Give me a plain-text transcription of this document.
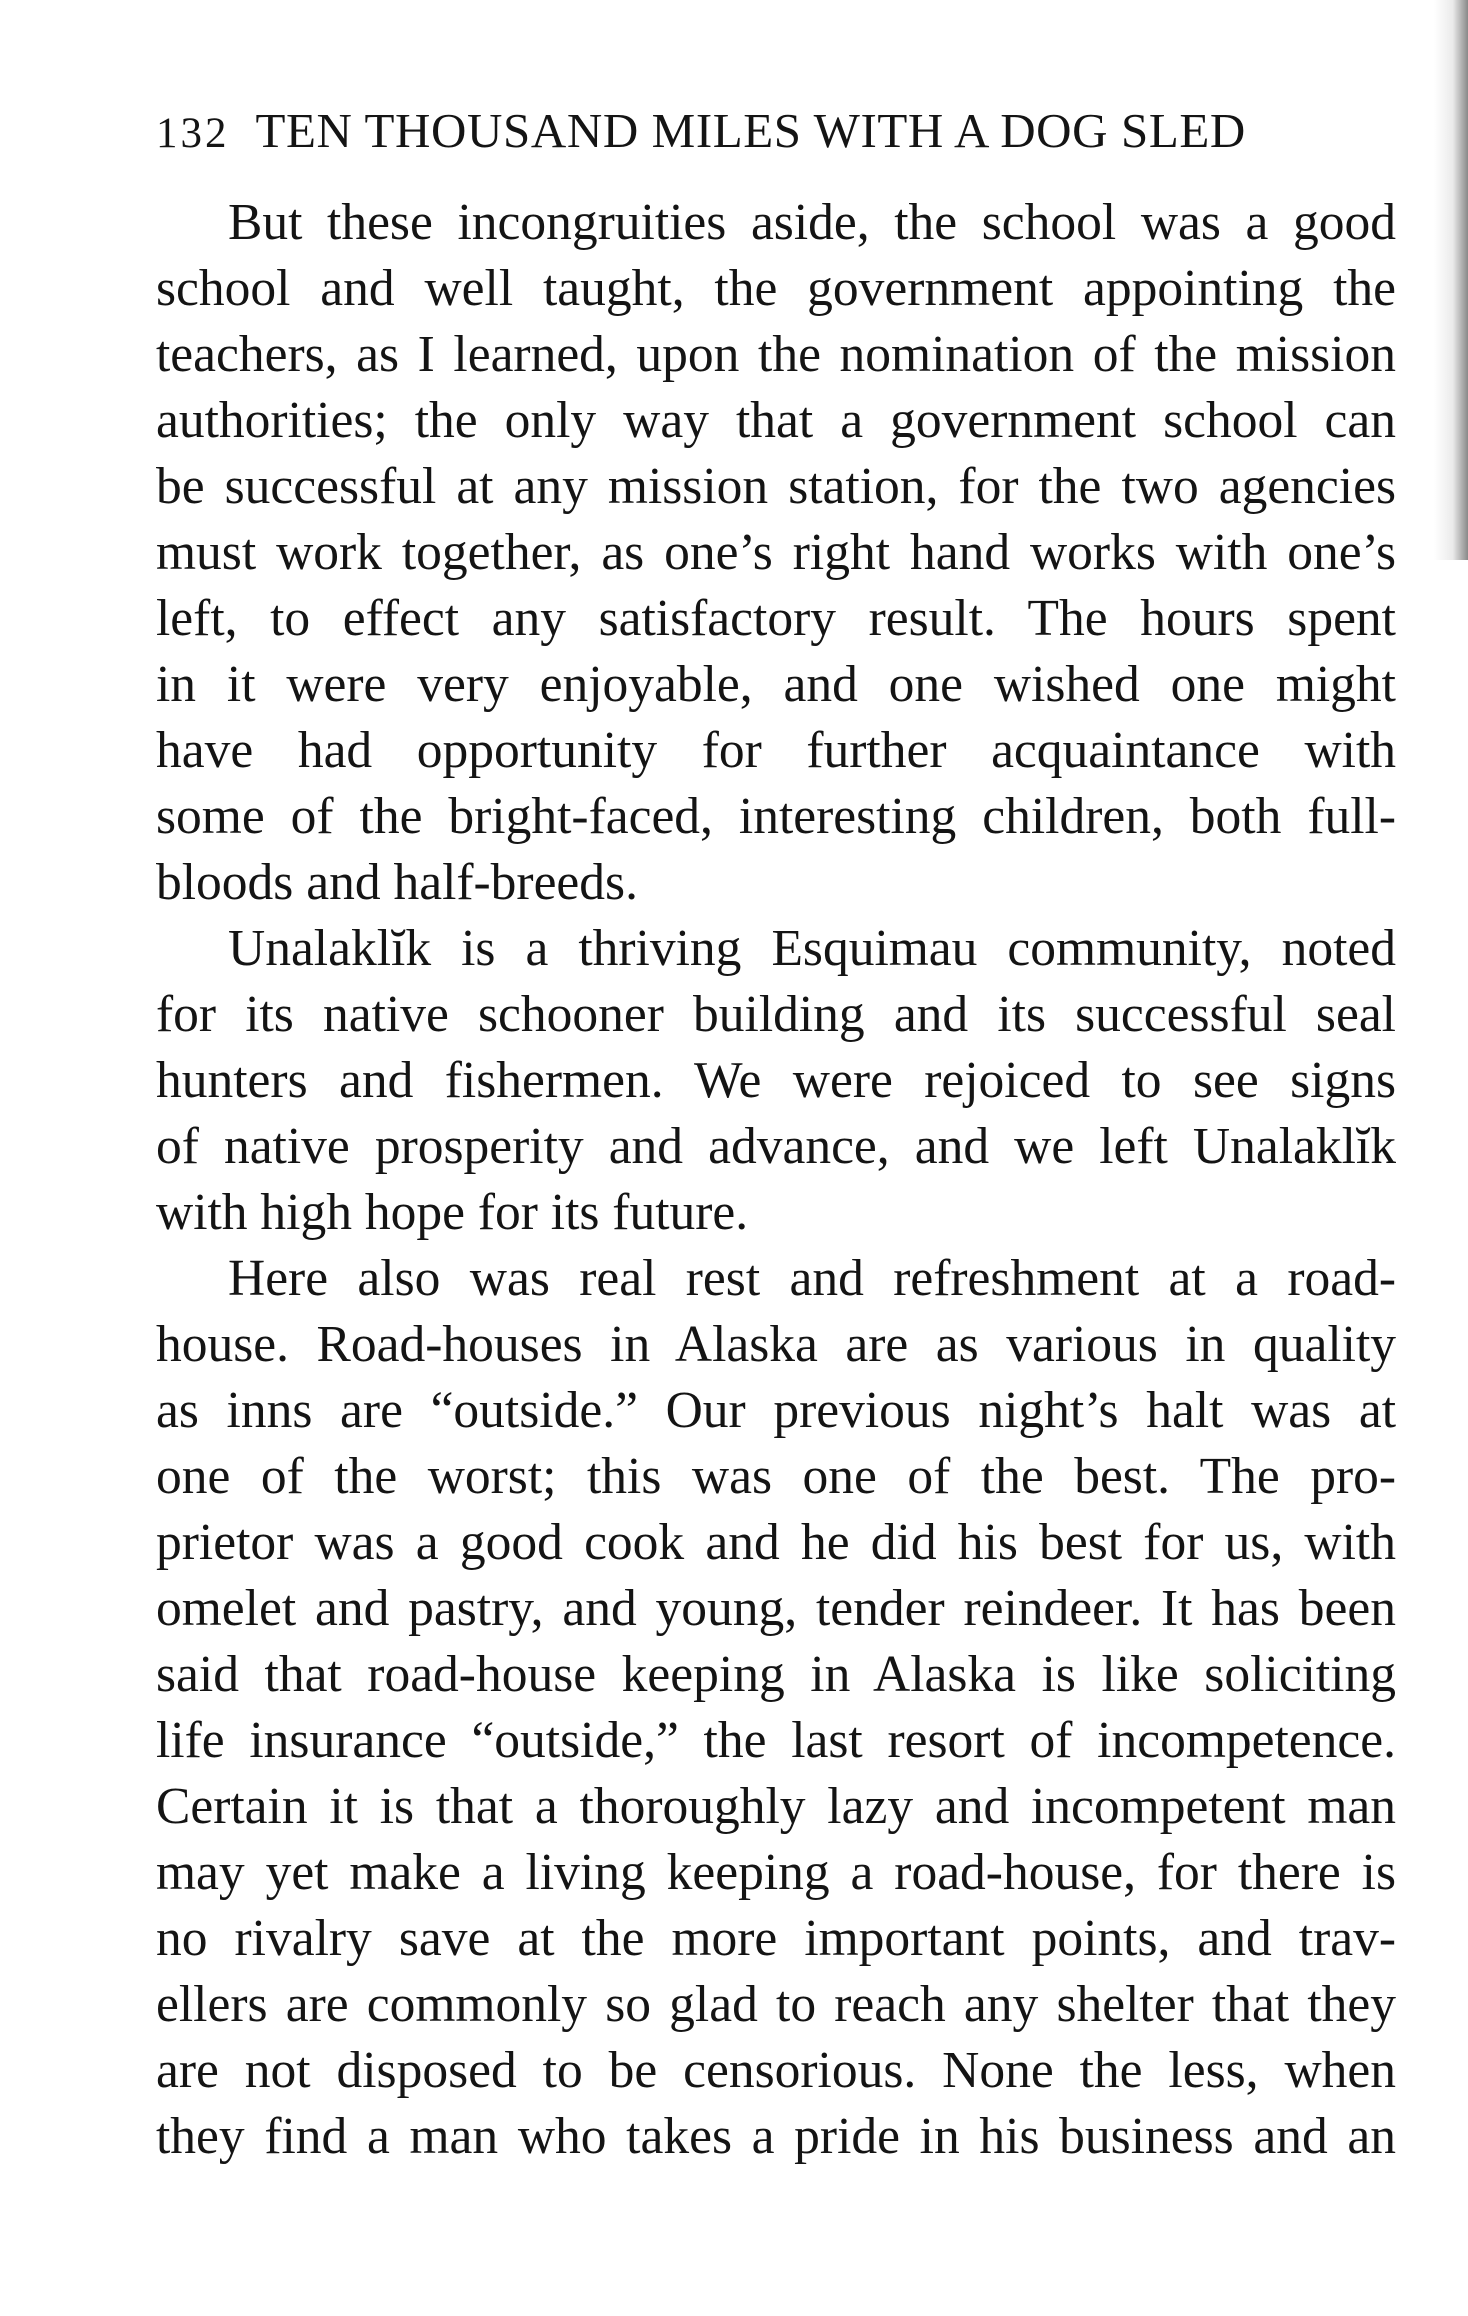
132 TEN THOUSAND MILES WITH A DOG SLED
But these incongruities aside, the school was a good
school and well taught, the government appointing the
teachers, as I learned, upon the nomination of the mission
authorities; the only way that a government school can
be successful at any mission station, for the two agencies
must work together, as one’s right hand works with one’s
left, to effect any satisfactory result. The hours spent
in it were very enjoyable, and one wished one might
have had opportunity for further acquaintance with
some of the bright-faced, interesting children, both full-
bloods and half-breeds.
Unalaklĭk is a thriving Esquimau community, noted
for its native schooner building and its successful seal
hunters and fishermen. We were rejoiced to see signs
of native prosperity and advance, and we left Unalaklĭk
with high hope for its future.
Here also was real rest and refreshment at a road-
house. Road-houses in Alaska are as various in quality
as inns are “outside.” Our previous night’s halt was at
one of the worst; this was one of the best. The pro-
prietor was a good cook and he did his best for us, with
omelet and pastry, and young, tender reindeer. It has been
said that road-house keeping in Alaska is like soliciting
life insurance “outside,” the last resort of incompetence.
Certain it is that a thoroughly lazy and incompetent man
may yet make a living keeping a road-house, for there is
no rivalry save at the more important points, and trav-
ellers are commonly so glad to reach any shelter that they
are not disposed to be censorious. None the less, when
they find a man who takes a pride in his business and an
